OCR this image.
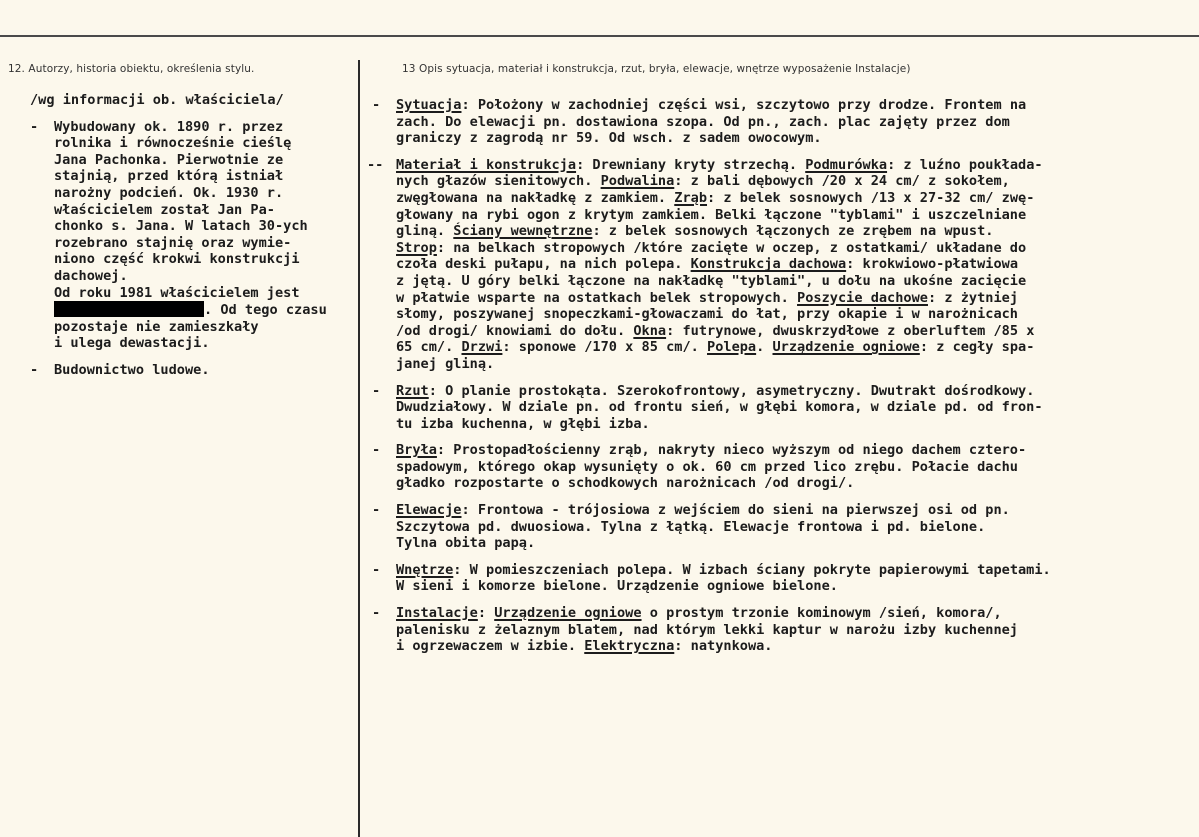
12. Autorzy, historia obiektu, określenia stylu.	13 Opis sytuacja, materiał i konstrukcja, rzut, bryła, elewacje, wnętrze wyposażenie Instalacje)
/wg informacji ob. właściciela/
- Wybudowany ok. 1890 r. przez
rolnika i równocześnie cieślę
Jana Pachonka. Pierwotnie ze
stajnią, przed którą istniał
narożny podcień. Ok. 1930 r.
właścicielem został Jan Pa-
chonko s. Jana. W latach 30-ych
rozebrano stajnię oraz wymie-
niono część krokwi konstrukcji
dachowej.
Od roku 1981 właścicielem jest
. Od tego czasu
pozostaje nie zamieszkały
i ulega dewastacji.
- Budownictwo ludowe.
- Sytuacja: Położony w zachodniej części wsi, szczytowo przy drodze. Frontem na
zach. Do elewacji pn. dostawiona szopa. Od pn., zach. plac zajęty przez dom
graniczy z zagrodą nr 59. Od wsch. z sadem owocowym.
-- Materiał i konstrukcja: Drewniany kryty strzechą. Podmurówka: z luźno poukłada-
nych głazów sienitowych. Podwalina: z bali dębowych /20 x 24 cm/ z sokołem,
zwęgłowana na nakładkę z zamkiem. Zrąb: z belek sosnowych /13 x 27-32 cm/ zwę-
głowany na rybi ogon z krytym zamkiem. Belki łączone "tyblami" i uszczelniane
gliną. Ściany wewnętrzne: z belek sosnowych łączonych ze zrębem na wpust.
Strop: na belkach stropowych /które zacięte w oczep, z ostatkami/ układane do
czoła deski pułapu, na nich polepa. Konstrukcja dachowa: krokwiowo-płatwiowa
z jętą. U góry belki łączone na nakładkę "tyblami", u dołu na ukośne zacięcie
w płatwie wsparte na ostatkach belek stropowych. Poszycie dachowe: z żytniej
słomy, poszywanej snopeczkami-głowaczami do łat, przy okapie i w narożnicach
/od drogi/ knowiami do dołu. Okna: futrynowe, dwuskrzydłowe z oberluftem /85 x
65 cm/. Drzwi: sponowe /170 x 85 cm/. Polepa. Urządzenie ogniowe: z cegły spa-
janej gliną.
- Rzut: O planie prostokąta. Szerokofrontowy, asymetryczny. Dwutrakt dośrodkowy.
Dwudziałowy. W dziale pn. od frontu sień, w głębi komora, w dziale pd. od fron-
tu izba kuchenna, w głębi izba.
- Bryła: Prostopadłościenny zrąb, nakryty nieco wyższym od niego dachem cztero-
spadowym, którego okap wysunięty o ok. 60 cm przed lico zrębu. Połacie dachu
gładko rozpostarte o schodkowych narożnicach /od drogi/.
- Elewacje: Frontowa - trójosiowa z wejściem do sieni na pierwszej osi od pn.
Szczytowa pd. dwuosiowa. Tylna z łątką. Elewacje frontowa i pd. bielone.
Tylna obita papą.
- Wnętrze: W pomieszczeniach polepa. W izbach ściany pokryte papierowymi tapetami.
W sieni i komorze bielone. Urządzenie ogniowe bielone.
- Instalacje: Urządzenie ogniowe o prostym trzonie kominowym /sień, komora/,
palenisku z żelaznym blatem, nad którym lekki kaptur w narożu izby kuchennej
i ogrzewaczem w izbie. Elektryczna: natynkowa.
